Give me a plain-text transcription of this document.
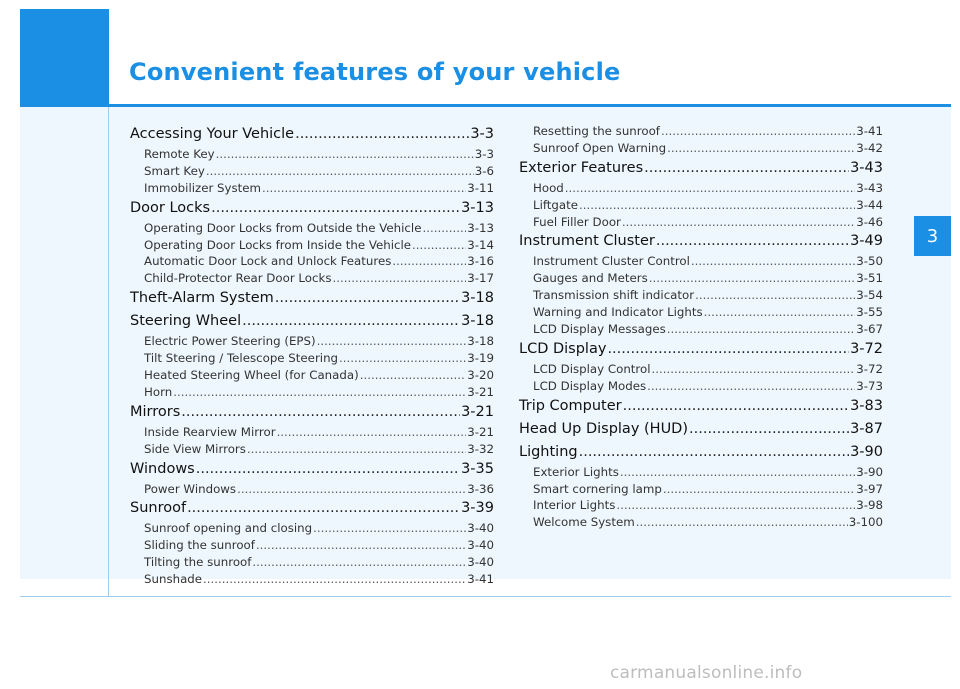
Convenient features of your vehicle
3
Accessing Your Vehicle .....	3-3
Remote Key .....	3-3
Smart Key .....	3-6
Immobilizer System .....	3-11
Door Locks .....	3-13
Operating Door Locks from Outside the Vehicle .....	3-13
Operating Door Locks from Inside the Vehicle .....	3-14
Automatic Door Lock and Unlock Features .....	3-16
Child-Protector Rear Door Locks .....	3-17
Theft-Alarm System .....	3-18
Steering Wheel .....	3-18
Electric Power Steering (EPS) .....	3-18
Tilt Steering / Telescope Steering .....	3-19
Heated Steering Wheel (for Canada) .....	3-20
Horn .....	3-21
Mirrors .....	3-21
Inside Rearview Mirror .....	3-21
Side View Mirrors .....	3-32
Windows .....	3-35
Power Windows .....	3-36
Sunroof .....	3-39
Sunroof opening and closing .....	3-40
Sliding the sunroof .....	3-40
Tilting the sunroof .....	3-40
Sunshade .....	3-41
Resetting the sunroof .....	3-41
Sunroof Open Warning .....	3-42
Exterior Features .....	3-43
Hood .....	3-43
Liftgate .....	3-44
Fuel Filler Door .....	3-46
Instrument Cluster .....	3-49
Instrument Cluster Control .....	3-50
Gauges and Meters .....	3-51
Transmission shift indicator .....	3-54
Warning and Indicator Lights .....	3-55
LCD Display Messages .....	3-67
LCD Display .....	3-72
LCD Display Control .....	3-72
LCD Display Modes .....	3-73
Trip Computer .....	3-83
Head Up Display (HUD) .....	3-87
Lighting .....	3-90
Exterior Lights .....	3-90
Smart cornering lamp .....	3-97
Interior Lights .....	3-98
Welcome System .....	3-100
carmanualsonline.info
